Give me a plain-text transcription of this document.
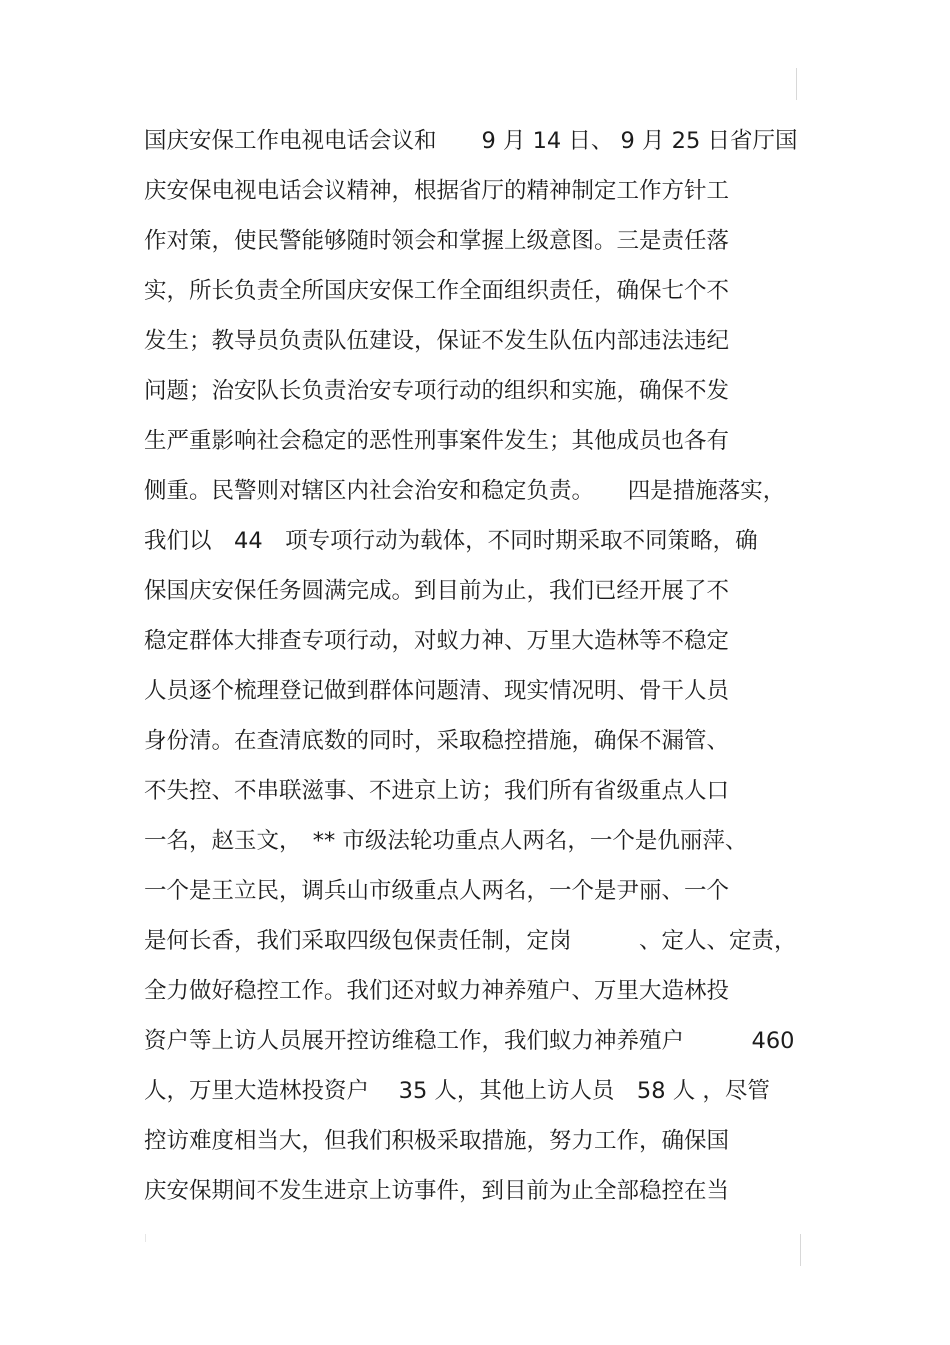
国庆安保工作电视电话会议和　　9 月 14 日、 9 月 25 日省厅国
庆安保电视电话会议精神，根据省厅的精神制定工作方针工
作对策，使民警能够随时领会和掌握上级意图。三是责任落
实，所长负责全所国庆安保工作全面组织责任，确保七个不
发生；教导员负责队伍建设，保证不发生队伍内部违法违纪
问题；治安队长负责治安专项行动的组织和实施，确保不发
生严重影响社会稳定的恶性刑事案件发生；其他成员也各有
侧重。民警则对辖区内社会治安和稳定负责。　　四是措施落实，
我们以　44　项专项行动为载体，不同时期采取不同策略，确
保国庆安保任务圆满完成。到目前为止，我们已经开展了不
稳定群体大排查专项行动，对蚁力神、万里大造林等不稳定
人员逐个梳理登记做到群体问题清、现实情况明、骨干人员
身份清。在查清底数的同时，采取稳控措施，确保不漏管、
不失控、不串联滋事、不进京上访；我们所有省级重点人口
一名，赵玉文，　** 市级法轮功重点人两名，一个是仇丽萍、
一个是王立民，调兵山市级重点人两名，一个是尹丽、一个
是何长香，我们采取四级包保责任制，定岗　　　、定人、定责，
全力做好稳控工作。我们还对蚁力神养殖户、万里大造林投
资户等上访人员展开控访维稳工作，我们蚁力神养殖户　　　460
人，万里大造林投资户　 35 人，其他上访人员　58 人 ，尽管
控访难度相当大，但我们积极采取措施，努力工作，确保国
庆安保期间不发生进京上访事件，到目前为止全部稳控在当
